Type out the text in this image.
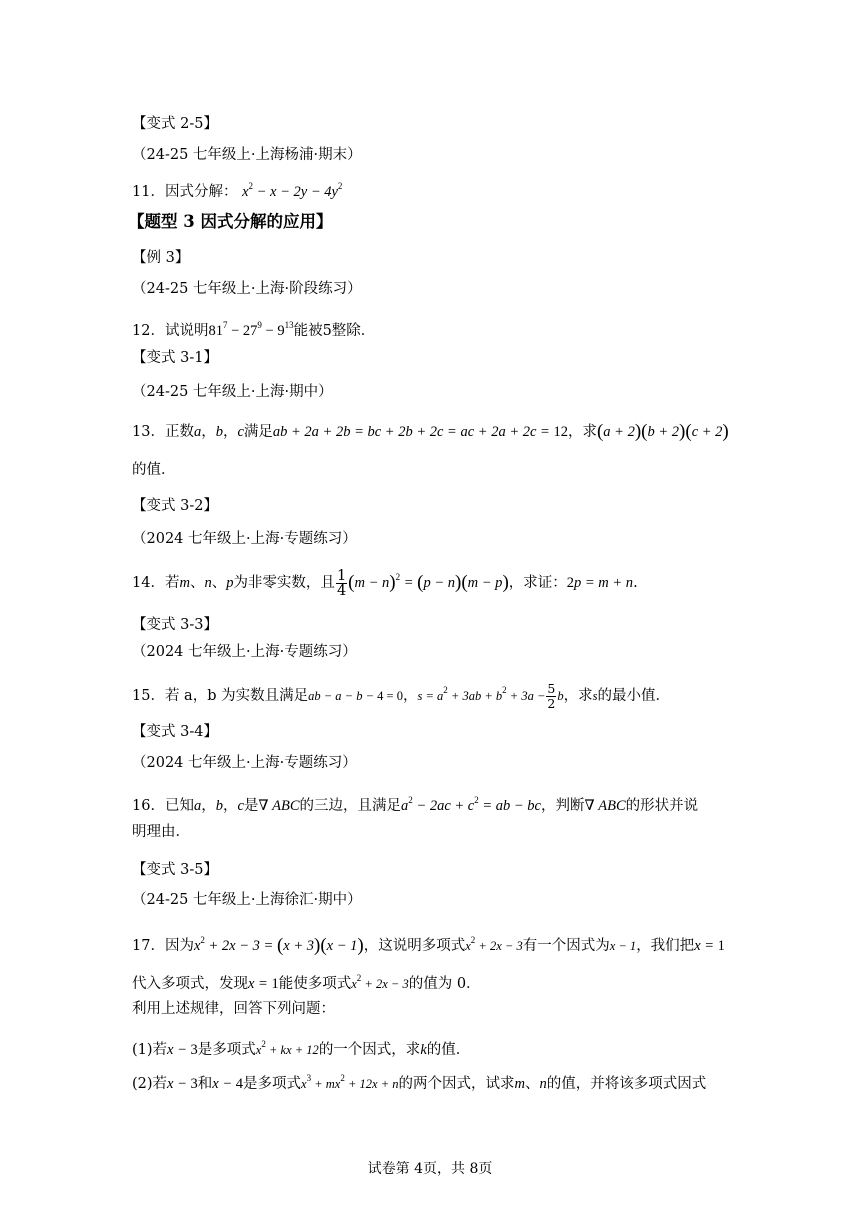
【变式 2-5】
（24-25 七年级上·上海杨浦·期末）
11．因式分解： $x^2 - x - 2y - 4y^2$
【题型 3 因式分解的应用】
【例 3】
（24-25 七年级上·上海·阶段练习）
12．试说明$81^7 - 27^9 - 9^{13}$能被5整除．
【变式 3-1】
（24-25 七年级上·上海·期中）
13．正数a，b，c满足ab + 2a + 2b = bc + 2b + 2c = ac + 2a + 2c = 12，求(a + 2)(b + 2)(c + 2)
的值．
【变式 3-2】
（2024 七年级上·上海·专题练习）
14．若m、n、p为非零实数，且 $\frac{1}{4} (m - n)^2 = (p - n)(m - p)$，求证：2p = m + n.
【变式 3-3】
（2024 七年级上·上海·专题练习）
15．若 a，b 为实数且满足ab − a − b − 4 = 0，$s = a^2 + 3ab + b^2 + 3a - \frac{5}{2}$ b，求s的最小值．
【变式 3-4】
（2024 七年级上·上海·专题练习）
16．已知a，b，c是∇ ABC的三边，且满足$a^2 - 2ac + c^2$ = ab − bc，判断∇ ABC的形状并说
明理由．
【变式 3-5】
（24-25 七年级上·上海徐汇·期中）
17．因为$x^2 + 2x - 3 = (x + 3)(x - 1)$，这说明多项式$x^2 + 2x - 3$有一个因式为x − 1，我们把x = 1
代入多项式，发现x = 1能使多项式$x^2 + 2x - 3$的值为 0．
利用上述规律，回答下列问题：
(1)若x − 3是多项式$x^2$ + kx + 12的一个因式，求k的值．
(2)若x − 3和x − 4是多项式$x^3 + mx^2 + 12x + n$的两个因式，试求m、n的值，并将该多项式因式
试卷第 4页，共 8页
